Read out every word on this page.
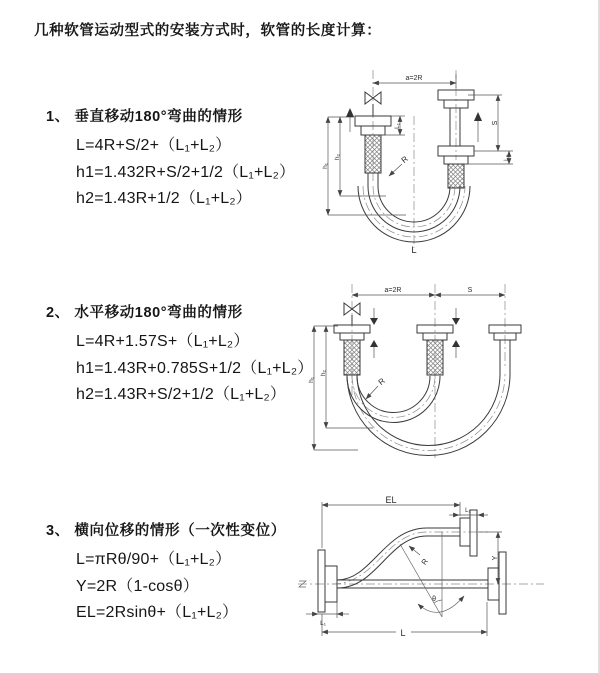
几种软管运动型式的安装方式时，软管的长度计算：
1、 垂直移动180°弯曲的情形
L=4R+S/2+（L₁+L₂）
h1=1.432R+S/2+1/2（L₁+L₂）
h2=1.43R+1/2（L₁+L₂）
2、 水平移动180°弯曲的情形
L=4R+1.57S+（L₁+L₂）
h1=1.43R+0.785S+1/2（L₁+L₂）
h2=1.43R+S/2+1/2（L₁+L₂）
3、 横向位移的情形（一次性变位）
L=πRθ/90+（L₁+L₂）
Y=2R（1-cosθ）
EL=2Rsinθ+（L₁+L₂）
a=2R
L₁
h₁
h₂
S
L₂
R
L
a=2R	S
h₁
h₂
R
EL
L₂
Y
L
L₁
R
θ
